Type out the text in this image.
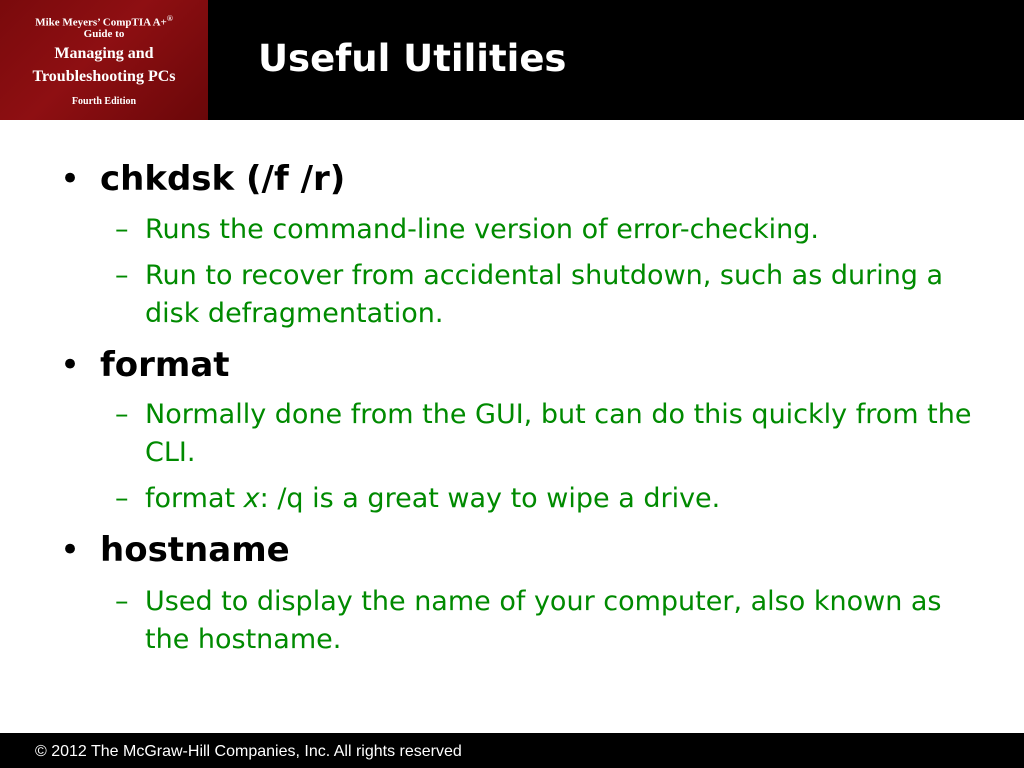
Mike Meyers’ CompTIA A+®
Guide to
Managing and
Troubleshooting PCs
Fourth Edition
Useful Utilities
• chkdsk (/f /r)
– Runs the command-line version of error-checking.
– Run to recover from accidental shutdown, such as during a disk defragmentation.
• format
– Normally done from the GUI, but can do this quickly from the CLI.
– format x: /q is a great way to wipe a drive.
• hostname
– Used to display the name of your computer, also known as the hostname.
© 2012 The McGraw-Hill Companies, Inc. All rights reserved
